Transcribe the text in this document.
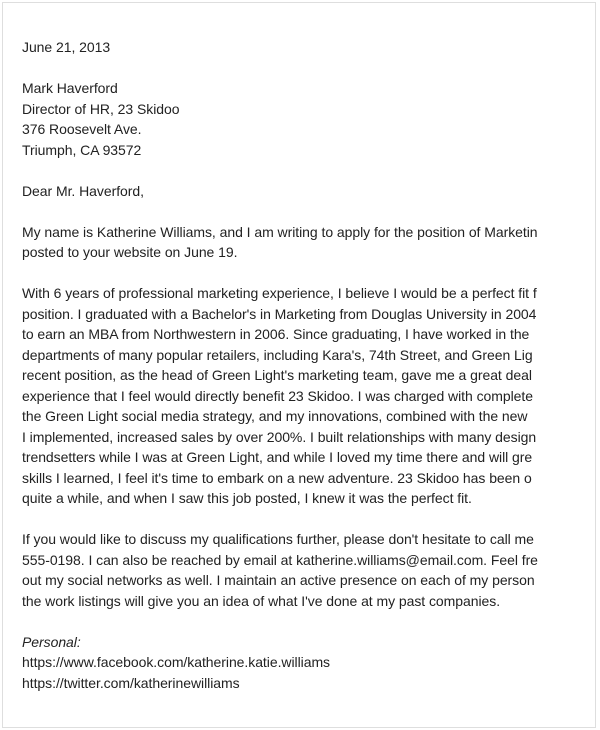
June 21, 2013
Mark Haverford
Director of HR, 23 Skidoo
376 Roosevelt Ave.
Triumph, CA 93572
Dear Mr. Haverford,
My name is Katherine Williams, and I am writing to apply for the position of Marketin
posted to your website on June 19.
With 6 years of professional marketing experience, I believe I would be a perfect fit f
position. I graduated with a Bachelor's in Marketing from Douglas University in 2004
to earn an MBA from Northwestern in 2006. Since graduating, I have worked in the
departments of many popular retailers, including Kara's, 74th Street, and Green Lig
recent position, as the head of Green Light's marketing team, gave me a great deal
experience that I feel would directly benefit 23 Skidoo. I was charged with complete
the Green Light social media strategy, and my innovations, combined with the new
I implemented, increased sales by over 200%. I built relationships with many design
trendsetters while I was at Green Light, and while I loved my time there and will gre
skills I learned, I feel it's time to embark on a new adventure. 23 Skidoo has been o
quite a while, and when I saw this job posted, I knew it was the perfect fit.
If you would like to discuss my qualifications further, please don't hesitate to call me
555-0198. I can also be reached by email at katherine.williams@email.com. Feel fre
out my social networks as well. I maintain an active presence on each of my person
the work listings will give you an idea of what I've done at my past companies.
Personal:
https://www.facebook.com/katherine.katie.williams
https://twitter.com/katherinewilliams
